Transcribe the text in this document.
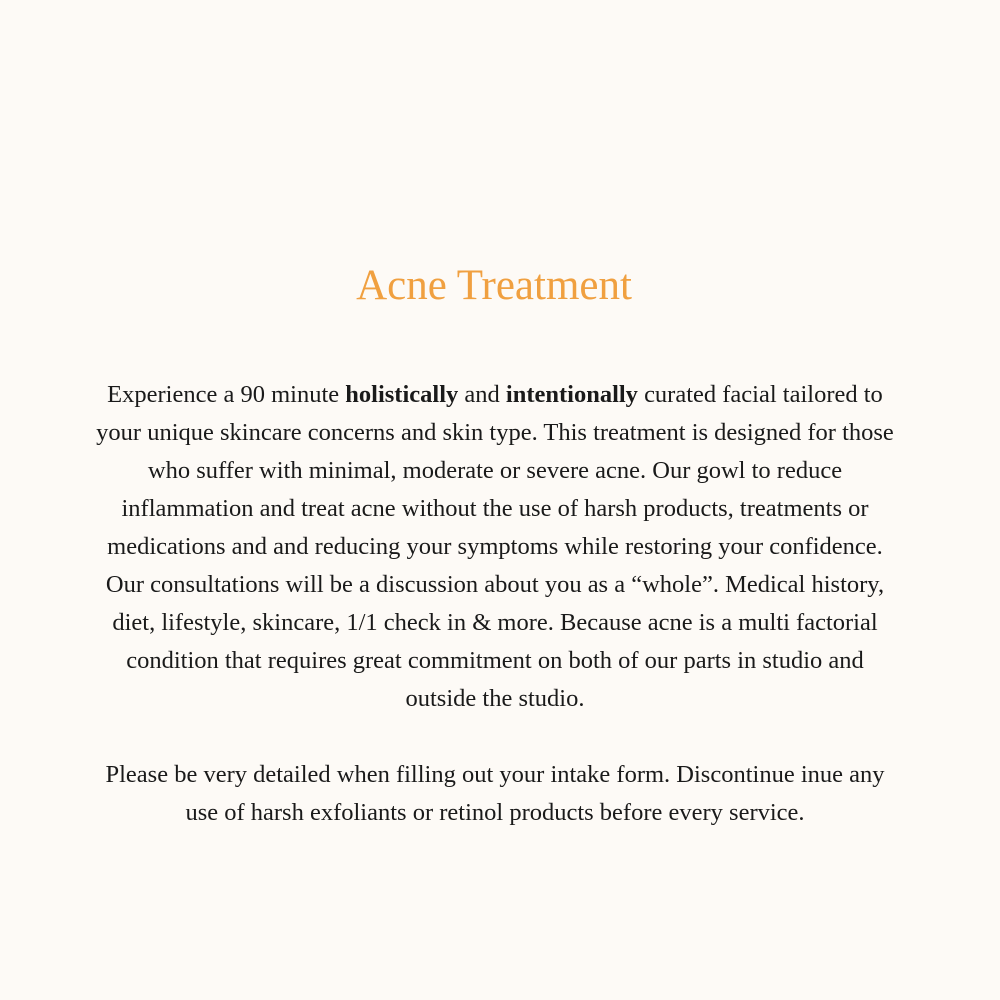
Acne Treatment

Experience a 90 minute holistically and intentionally curated facial tailored to
your unique skincare concerns and skin type. This treatment is designed for those
who suffer with minimal, moderate or severe acne. Our gowl to reduce
inflammation and treat acne without the use of harsh products, treatments or
medications and and reducing your symptoms while restoring your confidence.
Our consultations will be a discussion about you as a “whole”. Medical history,
diet, lifestyle, skincare, 1/1 check in & more. Because acne is a multi factorial
condition that requires great commitment on both of our parts in studio and
outside the studio.

Please be very detailed when filling out your intake form. Discontinue inue any
use of harsh exfoliants or retinol products before every service.
